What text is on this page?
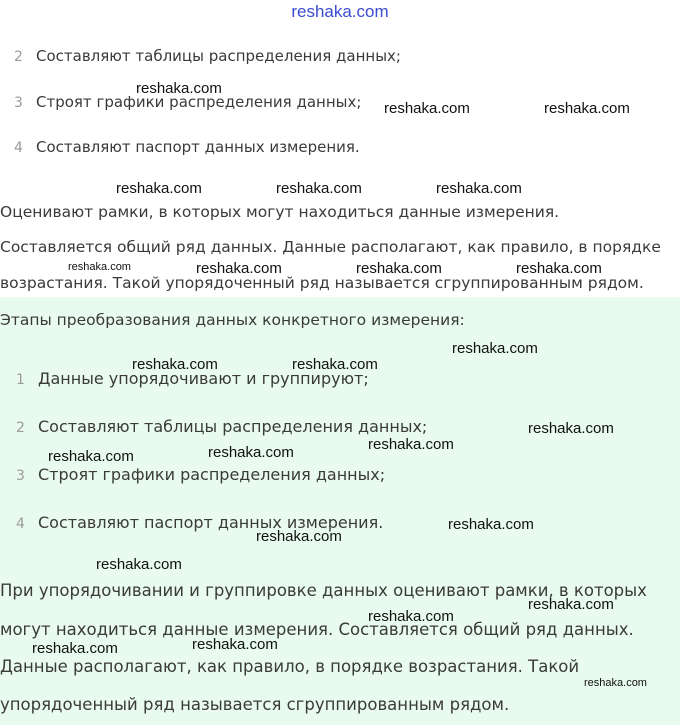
reshaka.com
2 Составляют таблицы распределения данных;
3 Строят графики распределения данных;
4 Составляют паспорт данных измерения.
Оценивают рамки, в которых могут находиться данные измерения.
Составляется общий ряд данных. Данные располагают, как правило, в порядке
возрастания. Такой упорядоченный ряд называется сгруппированным рядом.
Этапы преобразования данных конкретного измерения:
1 Данные упорядочивают и группируют;
2 Составляют таблицы распределения данных;
3 Строят графики распределения данных;
4 Составляют паспорт данных измерения.
При упорядочивании и группировке данных оценивают рамки, в которых
могут находиться данные измерения. Составляется общий ряд данных.
Данные располагают, как правило, в порядке возрастания. Такой
упорядоченный ряд называется сгруппированным рядом.
reshaka.com
reshaka.com	reshaka.com
reshaka.com	reshaka.com	reshaka.com
reshaka.com	reshaka.com	reshaka.com	reshaka.com
reshaka.com
reshaka.com	reshaka.com
reshaka.com
reshaka.com
reshaka.com	reshaka.com
reshaka.com
reshaka.com
reshaka.com
reshaka.com
reshaka.com
reshaka.com	reshaka.com
reshaka.com
